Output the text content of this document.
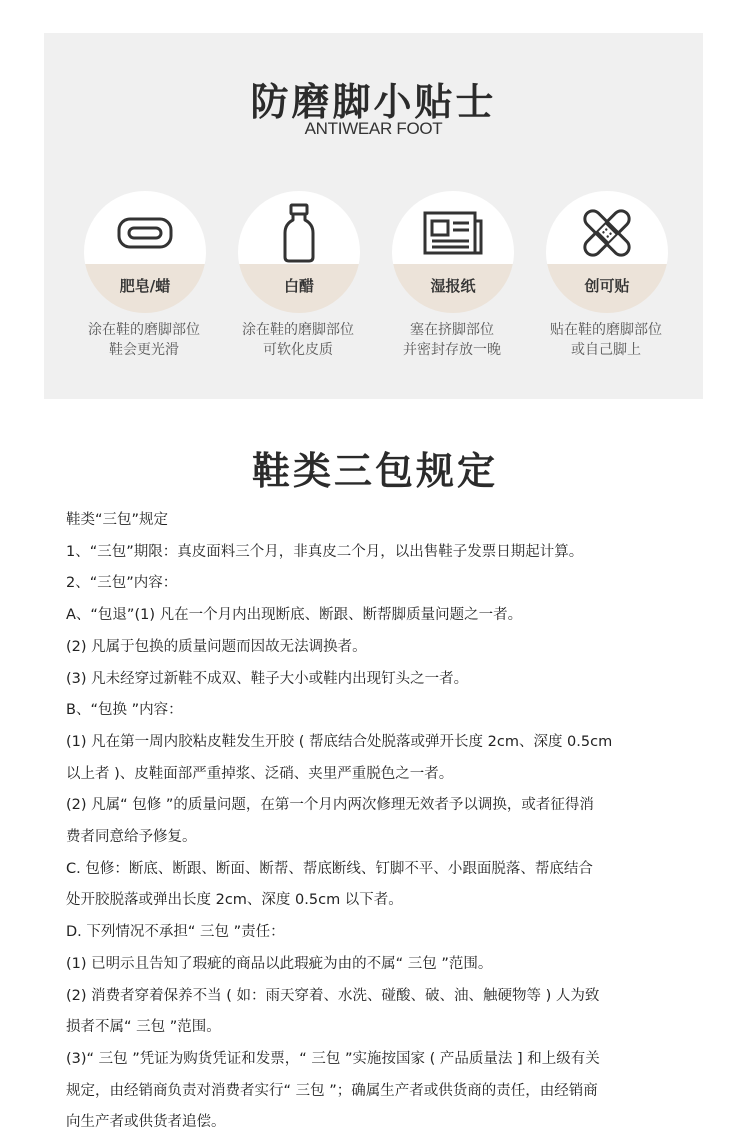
防磨脚小贴士
ANTIWEAR FOOT
肥皂/蜡
涂在鞋的磨脚部位
鞋会更光滑
白醋
涂在鞋的磨脚部位
可软化皮质
湿报纸
塞在挤脚部位
并密封存放一晚
创可贴
贴在鞋的磨脚部位
或自己脚上
鞋类三包规定
鞋类“三包”规定
1、“三包”期限：真皮面料三个月，非真皮二个月，以出售鞋子发票日期起计算。
2、“三包”内容：
A、“包退”(1) 凡在一个月内出现断底、断跟、断帮脚质量问题之一者。
(2) 凡属于包换的质量问题而因故无法调换者。
(3) 凡未经穿过新鞋不成双、鞋子大小或鞋内出现钉头之一者。
B、“包换 ”内容：
(1) 凡在第一周内胶粘皮鞋发生开胶 ( 帮底结合处脱落或弹开长度 2cm、深度 0.5cm
以上者 )、皮鞋面部严重掉浆、泛硝、夹里严重脱色之一者。
(2) 凡属“ 包修 ”的质量问题，在第一个月内两次修理无效者予以调换，或者征得消
费者同意给予修复。
C. 包修：断底、断跟、断面、断帮、帮底断线、钉脚不平、小跟面脱落、帮底结合
处开胶脱落或弹出长度 2cm、深度 0.5cm 以下者。
D. 下列情况不承担“ 三包 ”责任：
(1) 已明示且告知了瑕疵的商品以此瑕疵为由的不属“ 三包 ”范围。
(2) 消费者穿着保养不当 ( 如：雨天穿着、水洗、碰酸、破、油、触硬物等 ) 人为致
损者不属“ 三包 ”范围。
(3)“ 三包 ”凭证为购货凭证和发票，“ 三包 ”实施按国家 ( 产品质量法 ] 和上级有关
规定，由经销商负责对消费者实行“ 三包 ”；确属生产者或供货商的责任，由经销商
向生产者或供货者追偿。
